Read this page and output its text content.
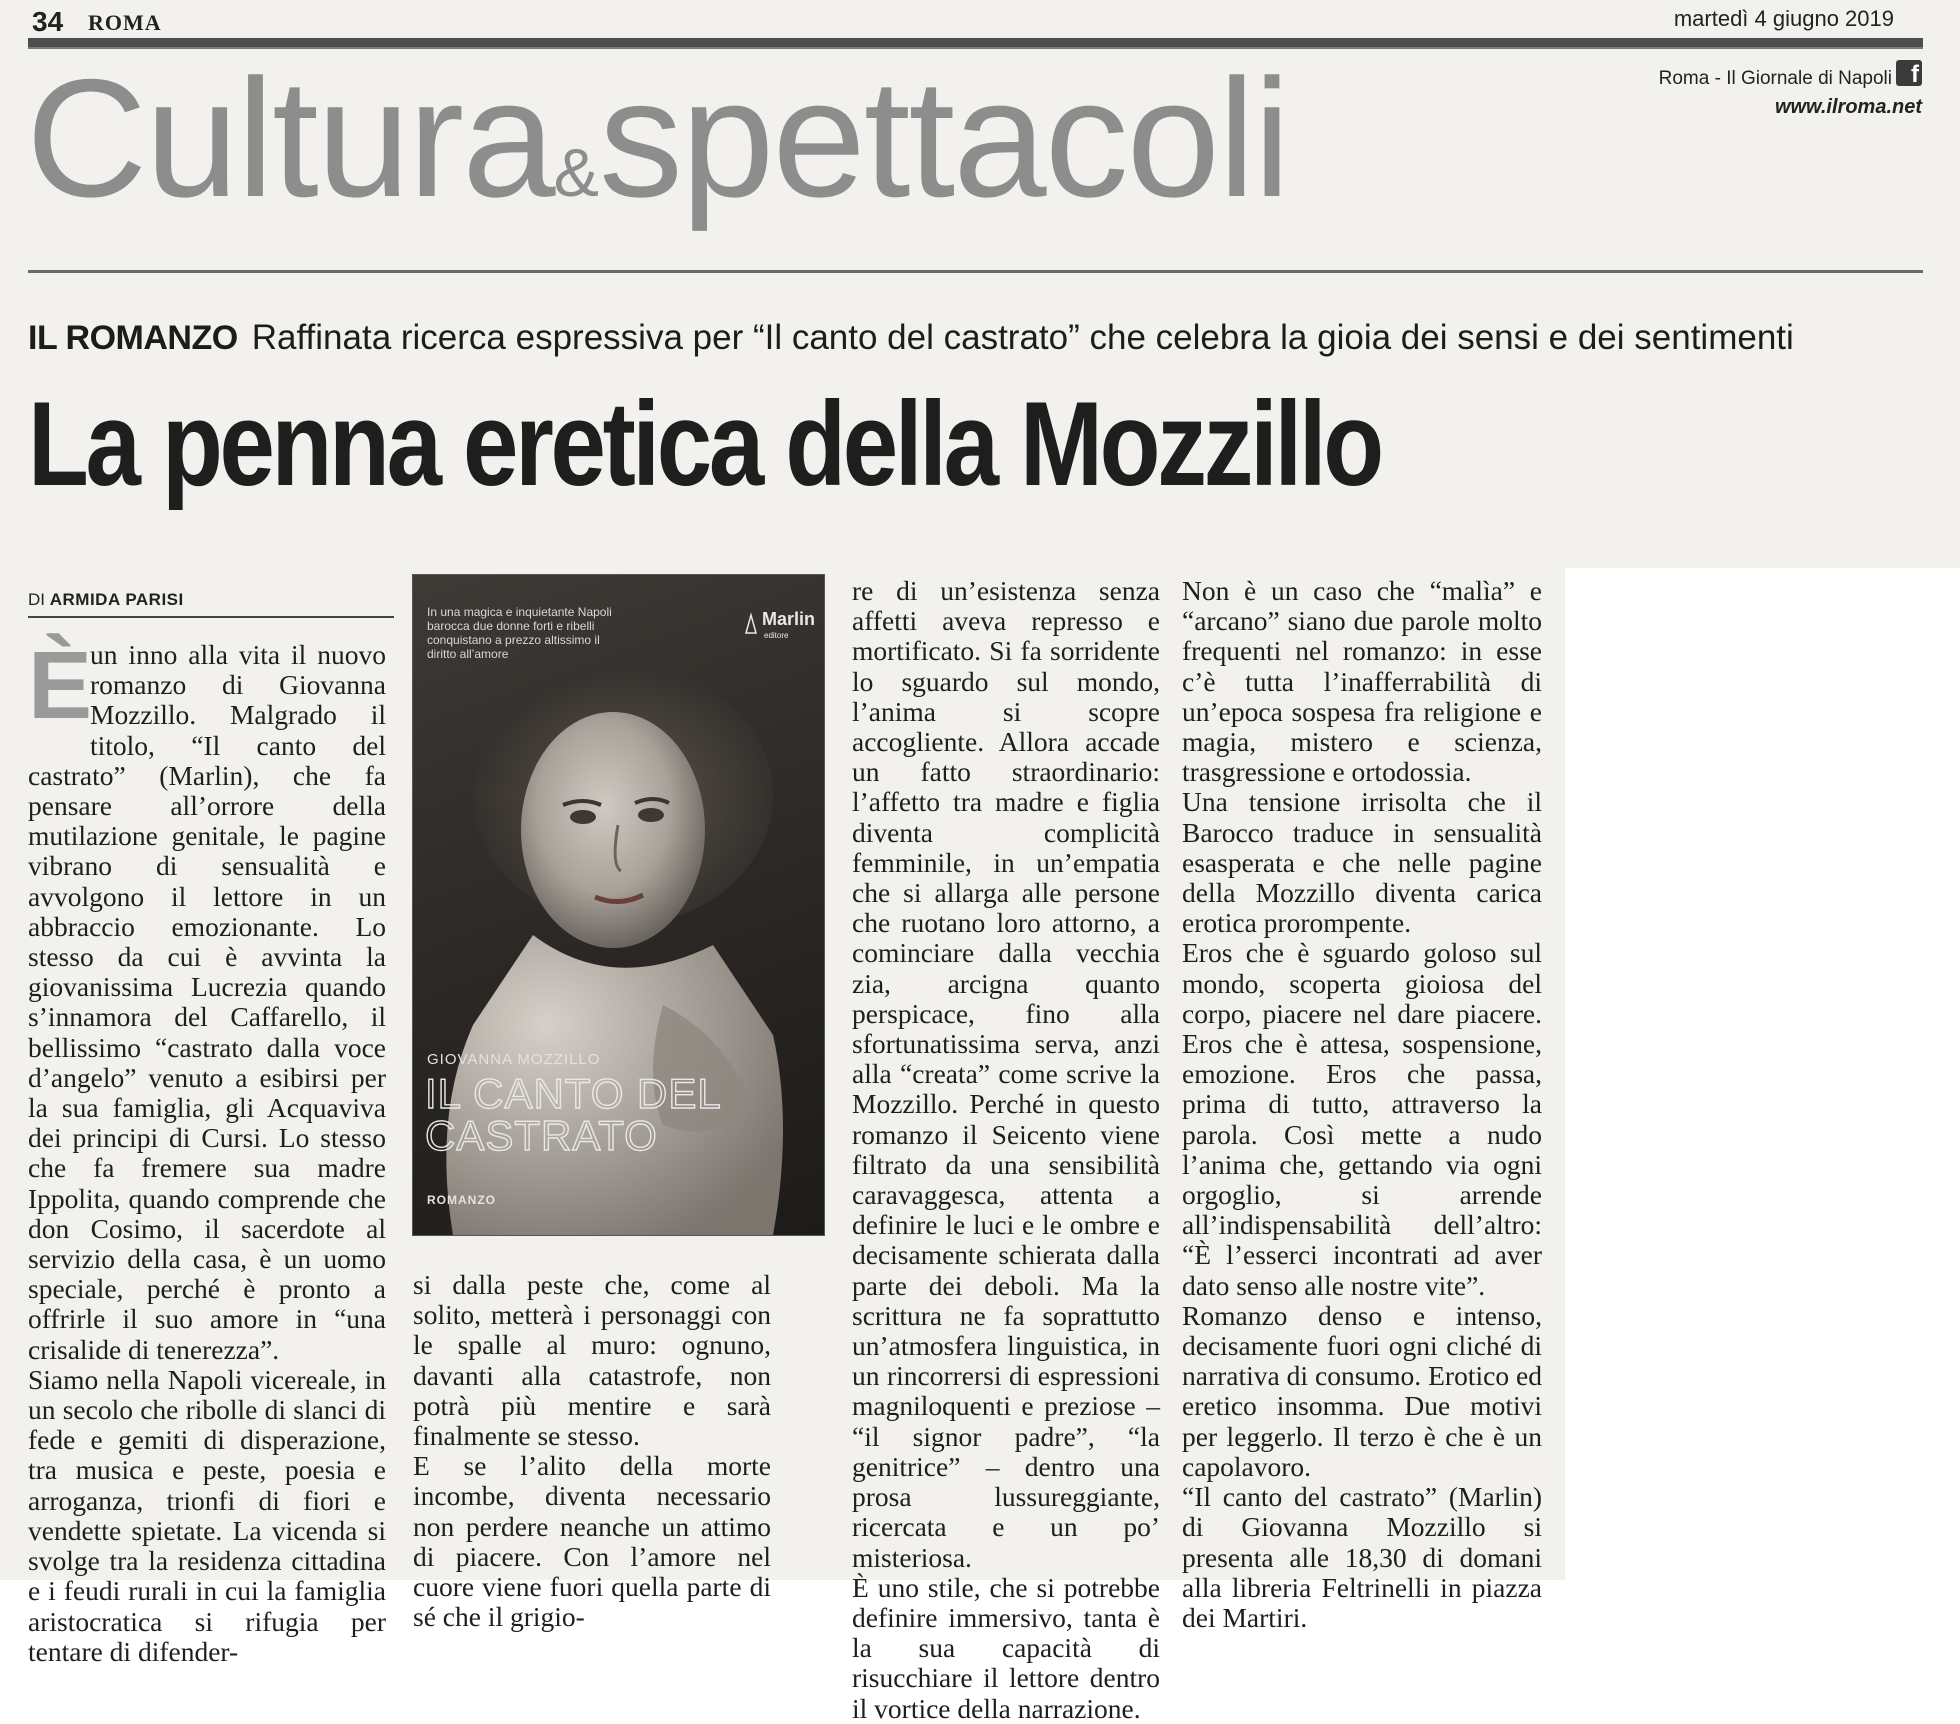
34 ROMA	martedì 4 giugno 2019
Cultura&spettacoli	Roma - Il Giornale di Napoli f
www.ilroma.net
IL ROMANZO Raffinata ricerca espressiva per “Il canto del castrato” che celebra la gioia dei sensi e dei sentimenti
La penna eretica della Mozzillo
DI ARMIDA PARISI
È

un inno alla vita il nuovo romanzo di Giovanna Mozzillo. Malgrado il titolo, “Il canto del castrato” (Marlin), che fa pensare all’orrore della mutilazione genitale, le pagine vibrano di sensualità e avvolgono il lettore in un abbraccio emozionante. Lo stesso da cui è avvinta la giovanissima Lucrezia quando s’innamora del Caffarello, il bellissimo “castrato dalla voce d’angelo” venuto a esibirsi per la sua famiglia, gli Acquaviva dei principi di Cursi. Lo stesso che fa fremere sua madre Ippolita, quando comprende che don Cosimo, il sacerdote al servizio della casa, è un uomo speciale, perché è pronto a offrirle il suo amore in “una crisalide di tenerezza”.

Siamo nella Napoli vicereale, in un secolo che ribolle di slanci di fede e gemiti di disperazione, tra musica e peste, poesia e arroganza, trionfi di fiori e vendette spietate. La vicenda si svolge tra la residenza cittadina e i feudi rurali in cui la famiglia aristocratica si rifugia per tentare di difender-

In una magica e inquietante Napoli barocca due donne forti e ribelli conquistano a prezzo altissimo il diritto all’amore
Marlin
editore
GIOVANNA MOZZILLO
IL CANTO DEL CASTRATO
ROMANZO

si dalla peste che, come al solito, metterà i personaggi con le spalle al muro: ognuno, davanti alla catastrofe, non potrà più mentire e sarà finalmente se stesso.

E se l’alito della morte incombe, diventa necessario non perdere neanche un attimo di piacere. Con l’amore nel cuore viene fuori quella parte di sé che il grigio-

re di un’esistenza senza affetti aveva represso e mortificato. Si fa sorridente lo sguardo sul mondo, l’anima si scopre accogliente. Allora accade un fatto straordinario: l’affetto tra madre e figlia diventa complicità femminile, in un’empatia che si allarga alle persone che ruotano loro attorno, a cominciare dalla vecchia zia, arcigna quanto perspicace, fino alla sfortunatissima serva, anzi alla “creata” come scrive la Mozzillo. Perché in questo romanzo il Seicento viene filtrato da una sensibilità caravaggesca, attenta a definire le luci e le ombre e decisamente schierata dalla parte dei deboli. Ma la scrittura ne fa soprattutto un’atmosfera linguistica, in un rincorrersi di espressioni magniloquenti e preziose – “il signor padre”, “la genitrice” – dentro una prosa lussureggiante, ricercata e un po’ misteriosa.

È uno stile, che si potrebbe definire immersivo, tanta è la sua capacità di risucchiare il lettore dentro il vortice della narrazione.

Non è un caso che “malìa” e “arcano” siano due parole molto frequenti nel romanzo: in esse c’è tutta l’inafferrabilità di un’epoca sospesa fra religione e magia, mistero e scienza, trasgressione e ortodossia.

Una tensione irrisolta che il Barocco traduce in sensualità esasperata e che nelle pagine della Mozzillo diventa carica erotica prorompente.

Eros che è sguardo goloso sul mondo, scoperta gioiosa del corpo, piacere nel dare piacere. Eros che è attesa, sospensione, emozione. Eros che passa, prima di tutto, attraverso la parola. Così mette a nudo l’anima che, gettando via ogni orgoglio, si arrende all’indispensabilità dell’altro: “È l’esserci incontrati ad aver dato senso alle nostre vite”.

Romanzo denso e intenso, decisamente fuori ogni cliché di narrativa di consumo. Erotico ed eretico insomma. Due motivi per leggerlo. Il terzo è che è un capolavoro.

“Il canto del castrato” (Marlin) di Giovanna Mozzillo si presenta alle 18,30 di domani alla libreria Feltrinelli in piazza dei Martiri.
